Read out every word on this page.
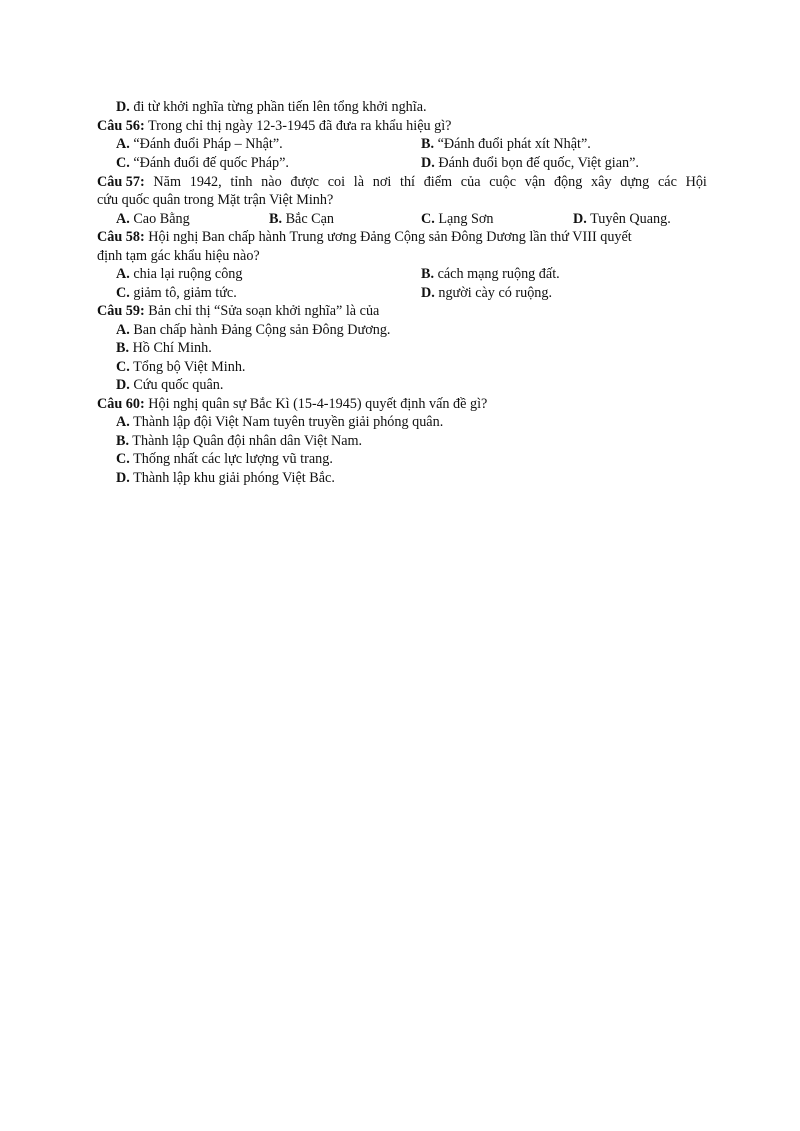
D. đi từ khởi nghĩa từng phần tiến lên tổng khởi nghĩa.
Câu 56: Trong chỉ thị ngày 12-3-1945 đã đưa ra khẩu hiệu gì?
A. “Đánh đuổi Pháp – Nhật”.	B. “Đánh đuổi phát xít Nhật”.
C. “Đánh đuổi đế quốc Pháp”.	D. Đánh đuổi bọn đế quốc, Việt gian”.
Câu 57: Năm 1942, tỉnh nào được coi là nơi thí điểm của cuộc vận động xây dựng các Hội
cứu quốc quân trong Mặt trận Việt Minh?
A. Cao Bằng	B. Bắc Cạn	C. Lạng Sơn	D. Tuyên Quang.
Câu 58: Hội nghị Ban chấp hành Trung ương Đảng Cộng sản Đông Dương lần thứ VIII quyết
định tạm gác khẩu hiệu nào?
A. chia lại ruộng công	B. cách mạng ruộng đất.
C. giảm tô, giảm tức.	D. người cày có ruộng.
Câu 59: Bản chỉ thị “Sửa soạn khởi nghĩa” là của
A. Ban chấp hành Đảng Cộng sản Đông Dương.
B. Hồ Chí Minh.
C. Tổng bộ Việt Minh.
D. Cứu quốc quân.
Câu 60: Hội nghị quân sự Bắc Kì (15-4-1945) quyết định vấn đề gì?
A. Thành lập đội Việt Nam tuyên truyền giải phóng quân.
B. Thành lập Quân đội nhân dân Việt Nam.
C. Thống nhất các lực lượng vũ trang.
D. Thành lập khu giải phóng Việt Bắc.
